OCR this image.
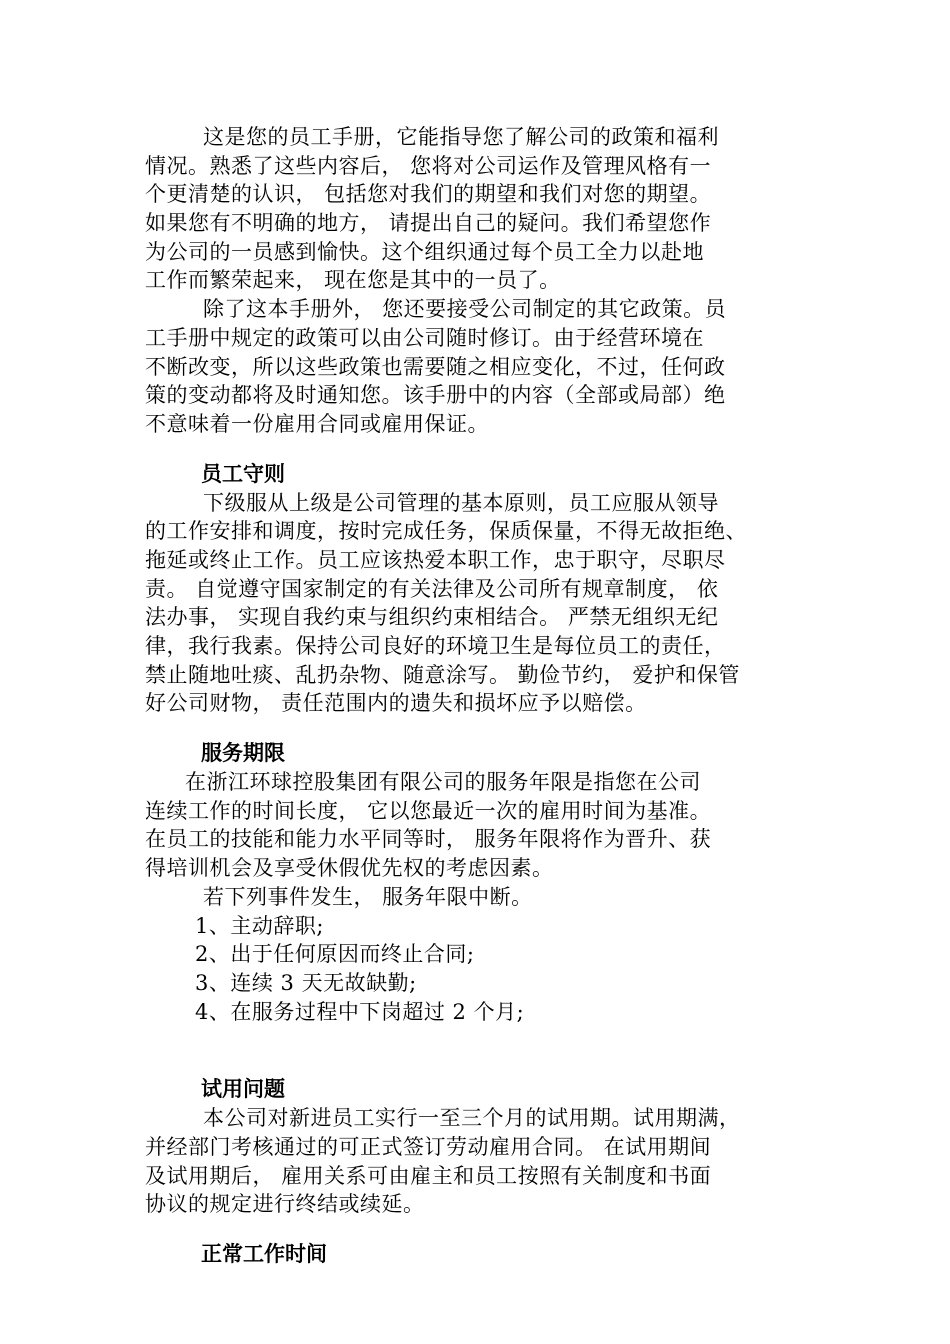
这是您的员工手册，它能指导您了解公司的政策和福利
情况。熟悉了这些内容后， 您将对公司运作及管理风格有一
个更清楚的认识， 包括您对我们的期望和我们对您的期望。
如果您有不明确的地方， 请提出自己的疑问。我们希望您作
为公司的一员感到愉快。这个组织通过每个员工全力以赴地
工作而繁荣起来， 现在您是其中的一员了。
除了这本手册外， 您还要接受公司制定的其它政策。员
工手册中规定的政策可以由公司随时修订。由于经营环境在
不断改变，所以这些政策也需要随之相应变化，不过，任何政
策的变动都将及时通知您。该手册中的内容（全部或局部）绝
不意味着一份雇用合同或雇用保证。
员工守则
下级服从上级是公司管理的基本原则，员工应服从领导
的工作安排和调度，按时完成任务，保质保量，不得无故拒绝、
拖延或终止工作。员工应该热爱本职工作，忠于职守，尽职尽
责。 自觉遵守国家制定的有关法律及公司所有规章制度， 依
法办事， 实现自我约束与组织约束相结合。 严禁无组织无纪
律，我行我素。保持公司良好的环境卫生是每位员工的责任，
禁止随地吐痰、乱扔杂物、随意涂写。 勤俭节约， 爱护和保管
好公司财物， 责任范围内的遗失和损坏应予以赔偿。
服务期限
在浙江环球控股集团有限公司的服务年限是指您在公司
连续工作的时间长度， 它以您最近一次的雇用时间为基准。
在员工的技能和能力水平同等时， 服务年限将作为晋升、获
得培训机会及享受休假优先权的考虑因素。
若下列事件发生， 服务年限中断。
1、主动辞职;
2、出于任何原因而终止合同;
3、连续 3 天无故缺勤;
4、在服务过程中下岗超过 2 个月;
试用问题
本公司对新进员工实行一至三个月的试用期。试用期满，
并经部门考核通过的可正式签订劳动雇用合同。 在试用期间
及试用期后， 雇用关系可由雇主和员工按照有关制度和书面
协议的规定进行终结或续延。
正常工作时间
